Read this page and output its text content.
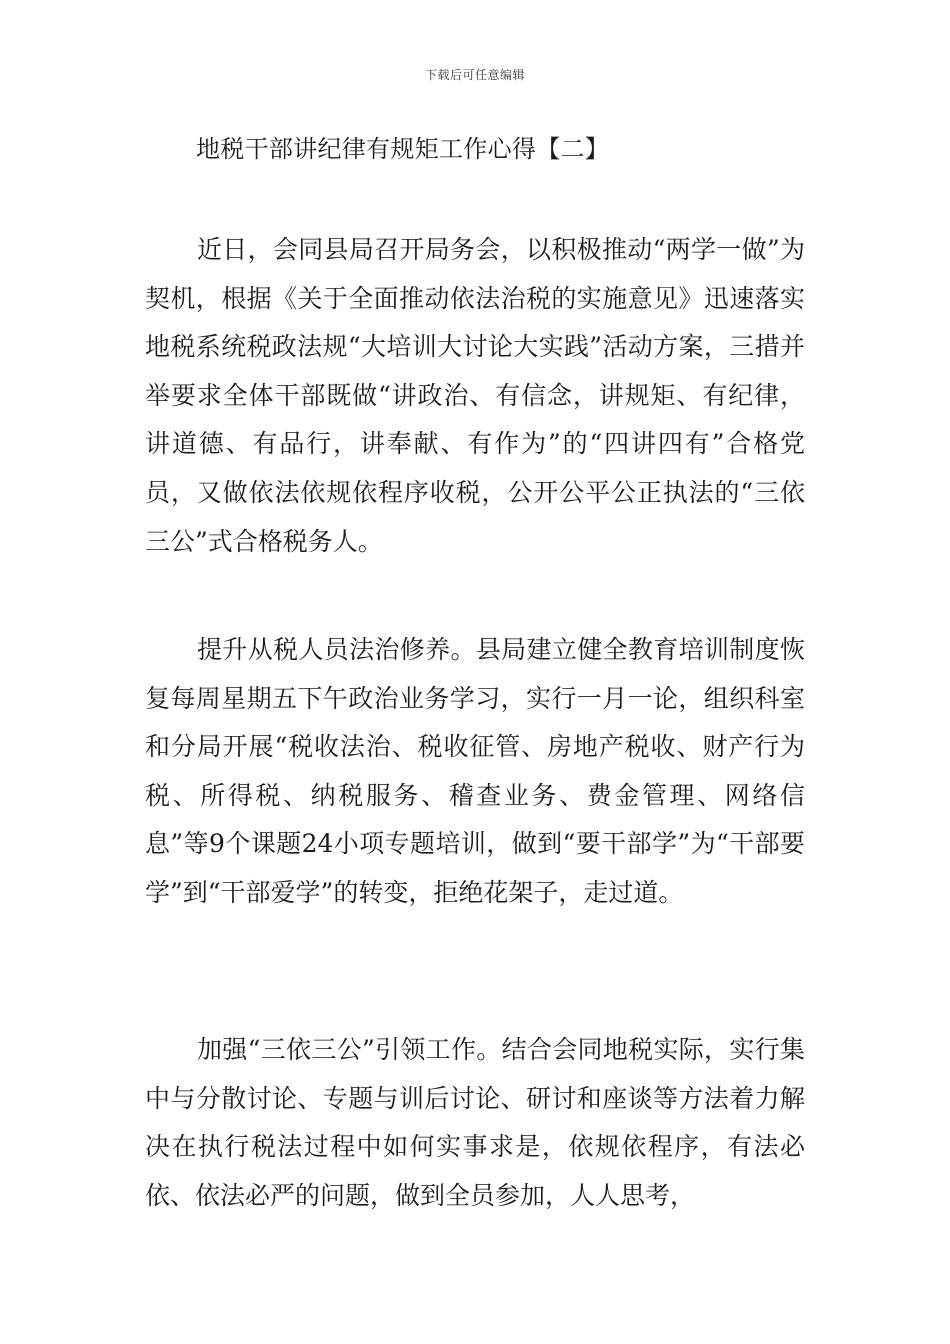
下载后可任意编辑
地税干部讲纪律有规矩工作心得【二】

近日，会同县局召开局务会，以积极推动“两学一做”为契机，根据《关于全面推动依法治税的实施意见》迅速落实地税系统税政法规“大培训大讨论大实践”活动方案，三措并举要求全体干部既做“讲政治、有信念，讲规矩、有纪律，讲道德、有品行，讲奉献、有作为”的“四讲四有”合格党员，又做依法依规依程序收税，公开公平公正执法的“三依三公”式合格税务人。

提升从税人员法治修养。县局建立健全教育培训制度恢复每周星期五下午政治业务学习，实行一月一论，组织科室和分局开展“税收法治、税收征管、房地产税收、财产行为税、所得税、纳税服务、稽查业务、费金管理、网络信息”等9个课题24小项专题培训，做到“要干部学”为“干部要学”到“干部爱学”的转变，拒绝花架子，走过道。

加强“三依三公”引领工作。结合会同地税实际，实行集中与分散讨论、专题与训后讨论、研讨和座谈等方法着力解决在执行税法过程中如何实事求是，依规依程序，有法必依、依法必严的问题，做到全员参加，人人思考，
